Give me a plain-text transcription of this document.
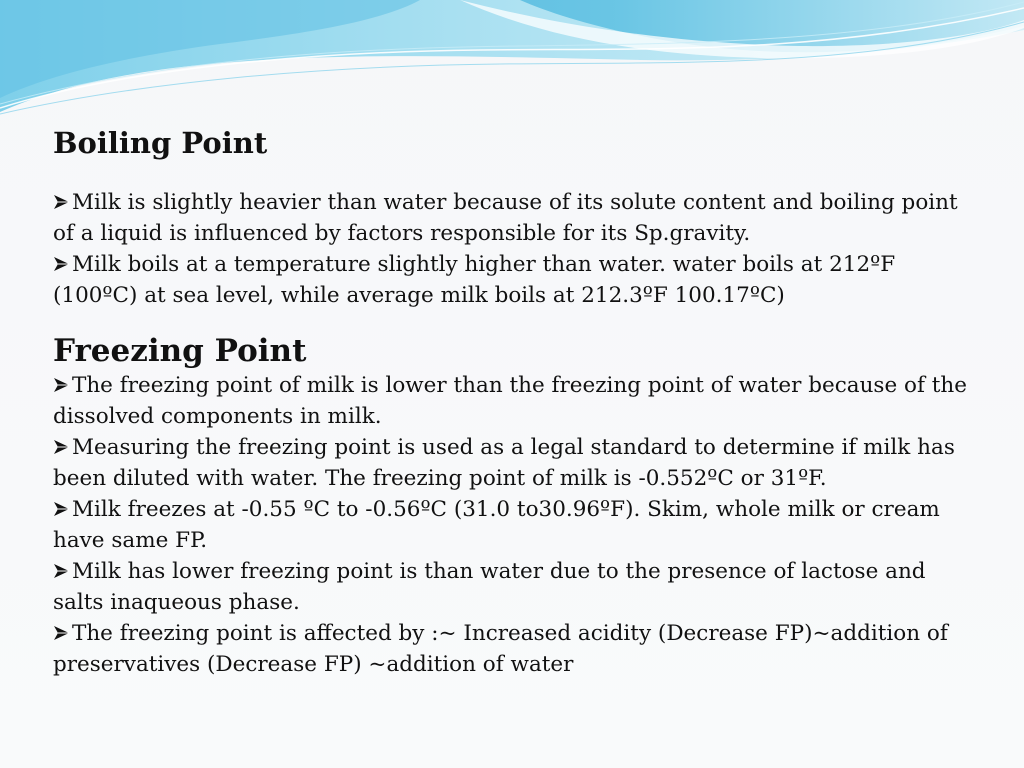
Boiling Point
Milk is slightly heavier than water because of its solute content and boiling point of a liquid is influenced by factors responsible for its Sp.gravity.
Milk boils at a temperature slightly higher than water. water boils at 212ºF (100ºC) at sea level, while average milk boils at 212.3ºF 100.17ºC)
Freezing Point
The freezing point of milk is lower than the freezing point of water because of the dissolved components in milk.
Measuring the freezing point is used as a legal standard to determine if milk has been diluted with water. The freezing point of milk is -0.552ºC or 31ºF.
Milk freezes at -0.55 ºC to -0.56ºC (31.0 to30.96ºF). Skim, whole milk or cream have same FP.
Milk has lower freezing point is than water due to the presence of lactose and salts inaqueous phase.
The freezing point is affected by :~ Increased acidity (Decrease FP)~addition of preservatives (Decrease FP) ~addition of water
